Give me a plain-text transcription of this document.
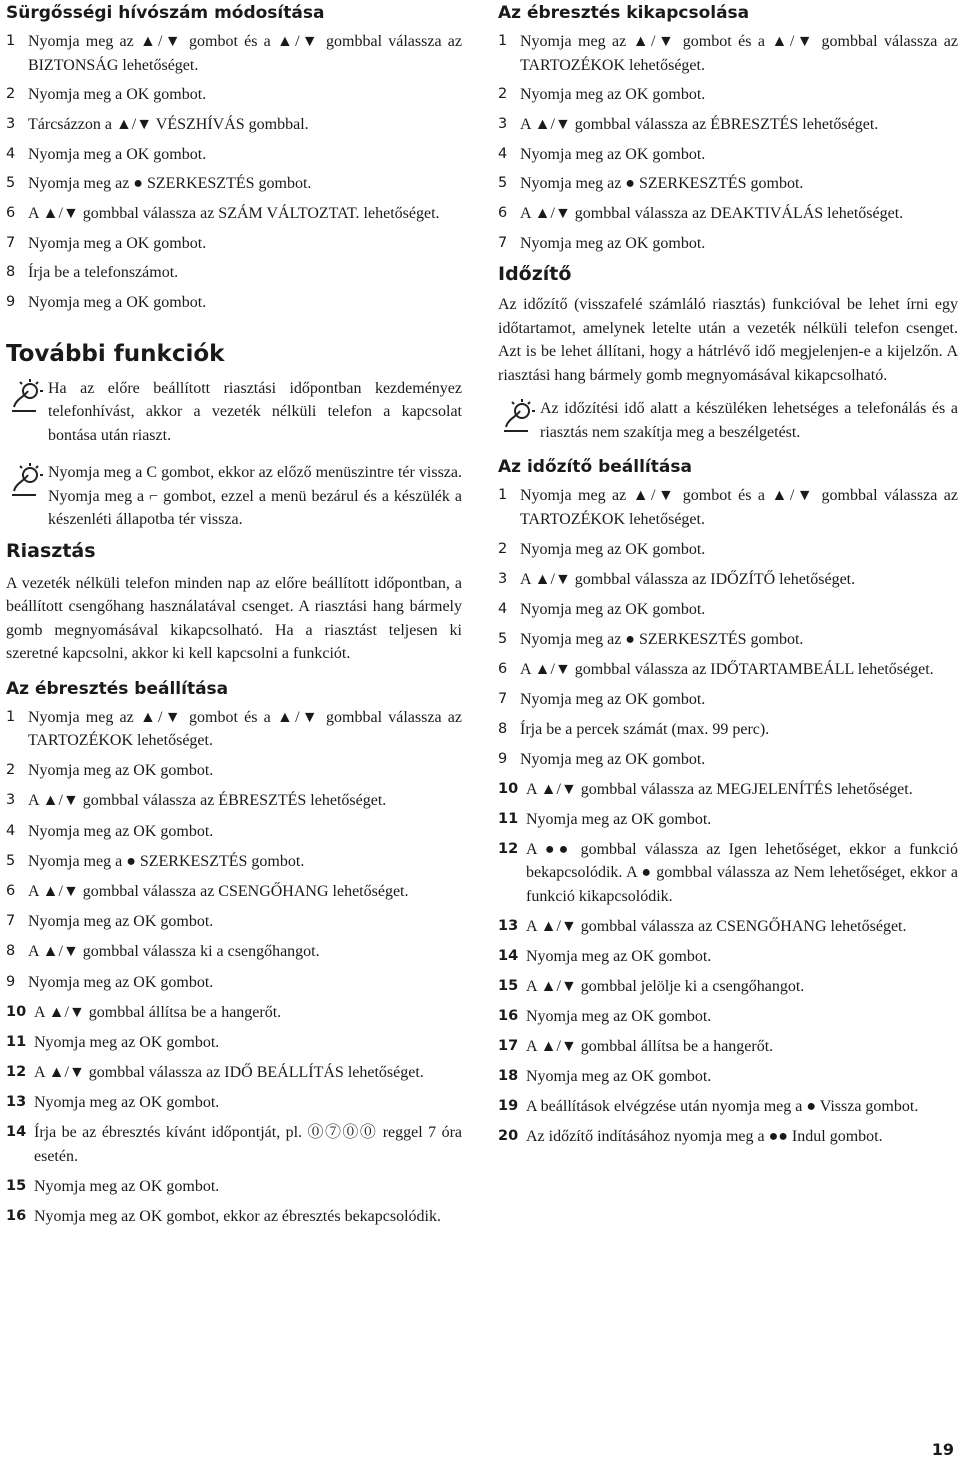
Sürgősségi hívószám módosítása
1 Nyomja meg az ▲/▼ gombot és a ▲/▼ gombbal válassza az BIZTONSÁG lehetőséget.
2 Nyomja meg a OK gombot.
3 Tárcsázzon a ▲/▼ VÉSZHÍVÁS gombbal.
4 Nyomja meg a OK gombot.
5 Nyomja meg az ● SZERKESZTÉS gombot.
6 A ▲/▼ gombbal válassza az SZÁM VÁLTOZTAT. lehetőséget.
7 Nyomja meg a OK gombot.
8 Írja be a telefonszámot.
9 Nyomja meg a OK gombot.
További funkciók
Ha az előre beállított riasztási időpontban kezdeményez telefonhívást, akkor a vezeték nélküli telefon a kapcsolat bontása után riaszt.
Nyomja meg a C gombot, ekkor az előző menüszintre tér vissza. Nyomja meg a ⌐ gombot, ezzel a menü bezárul és a készülék a készenléti állapotba tér vissza.
Riasztás

A vezeték nélküli telefon minden nap az előre beállított időpontban, a beállított csengőhang használatával csenget. A riasztási hang bármely gomb megnyomásával kikapcsolható. Ha a riasztást teljesen ki szeretné kapcsolni, akkor ki kell kapcsolni a funkciót.

Az ébresztés beállítása
1 Nyomja meg az ▲/▼ gombot és a ▲/▼ gombbal válassza az TARTOZÉKOK lehetőséget.
2 Nyomja meg az OK gombot.
3 A ▲/▼ gombbal válassza az ÉBRESZTÉS lehetőséget.
4 Nyomja meg az OK gombot.
5 Nyomja meg a ● SZERKESZTÉS gombot.
6 A ▲/▼ gombbal válassza az CSENGŐHANG lehetőséget.
7 Nyomja meg az OK gombot.
8 A ▲/▼ gombbal válassza ki a csengőhangot.
9 Nyomja meg az OK gombot.
10 A ▲/▼ gombbal állítsa be a hangerőt.
11 Nyomja meg az OK gombot.
12 A ▲/▼ gombbal válassza az IDŐ BEÁLLÍTÁS lehetőséget.
13 Nyomja meg az OK gombot.
14 Írja be az ébresztés kívánt időpontját, pl. ⓪⑦⓪⓪ reggel 7 óra esetén.
15 Nyomja meg az OK gombot.
16 Nyomja meg az OK gombot, ekkor az ébresztés bekapcsolódik.
Az ébresztés kikapcsolása
1 Nyomja meg az ▲/▼ gombot és a ▲/▼ gombbal válassza az TARTOZÉKOK lehetőséget.
2 Nyomja meg az OK gombot.
3 A ▲/▼ gombbal válassza az ÉBRESZTÉS lehetőséget.
4 Nyomja meg az OK gombot.
5 Nyomja meg az ● SZERKESZTÉS gombot.
6 A ▲/▼ gombbal válassza az DEAKTIVÁLÁS lehetőséget.
7 Nyomja meg az OK gombot.
Időzítő

Az időzítő (visszafelé számláló riasztás) funkcióval be lehet írni egy időtartamot, amelynek letelte után a vezeték nélküli telefon csenget. Azt is be lehet állítani, hogy a hátrlévő idő megjelenjen-e a kijelzőn. A riasztási hang bármely gomb megnyomásával kikapcsolható.

Az időzítési idő alatt a készüléken lehetséges a telefonálás és a riasztás nem szakítja meg a beszélgetést.
Az időzítő beállítása
1 Nyomja meg az ▲/▼ gombot és a ▲/▼ gombbal válassza az TARTOZÉKOK lehetőséget.
2 Nyomja meg az OK gombot.
3 A ▲/▼ gombbal válassza az IDŐZÍTŐ lehetőséget.
4 Nyomja meg az OK gombot.
5 Nyomja meg az ● SZERKESZTÉS gombot.
6 A ▲/▼ gombbal válassza az IDŐTARTAMBEÁLL lehetőséget.
7 Nyomja meg az OK gombot.
8 Írja be a percek számát (max. 99 perc).
9 Nyomja meg az OK gombot.
10 A ▲/▼ gombbal válassza az MEGJELENÍTÉS lehetőséget.
11 Nyomja meg az OK gombot.
12 A ●● gombbal válassza az Igen lehetőséget, ekkor a funkció bekapcsolódik. A ● gombbal válassza az Nem lehetőséget, ekkor a funkció kikapcsolódik.
13 A ▲/▼ gombbal válassza az CSENGŐHANG lehetőséget.
14 Nyomja meg az OK gombot.
15 A ▲/▼ gombbal jelölje ki a csengőhangot.
16 Nyomja meg az OK gombot.
17 A ▲/▼ gombbal állítsa be a hangerőt.
18 Nyomja meg az OK gombot.
19 A beállítások elvégzése után nyomja meg a ● Vissza gombot.
20 Az időzítő indításához nyomja meg a ●● Indul gombot.
19
